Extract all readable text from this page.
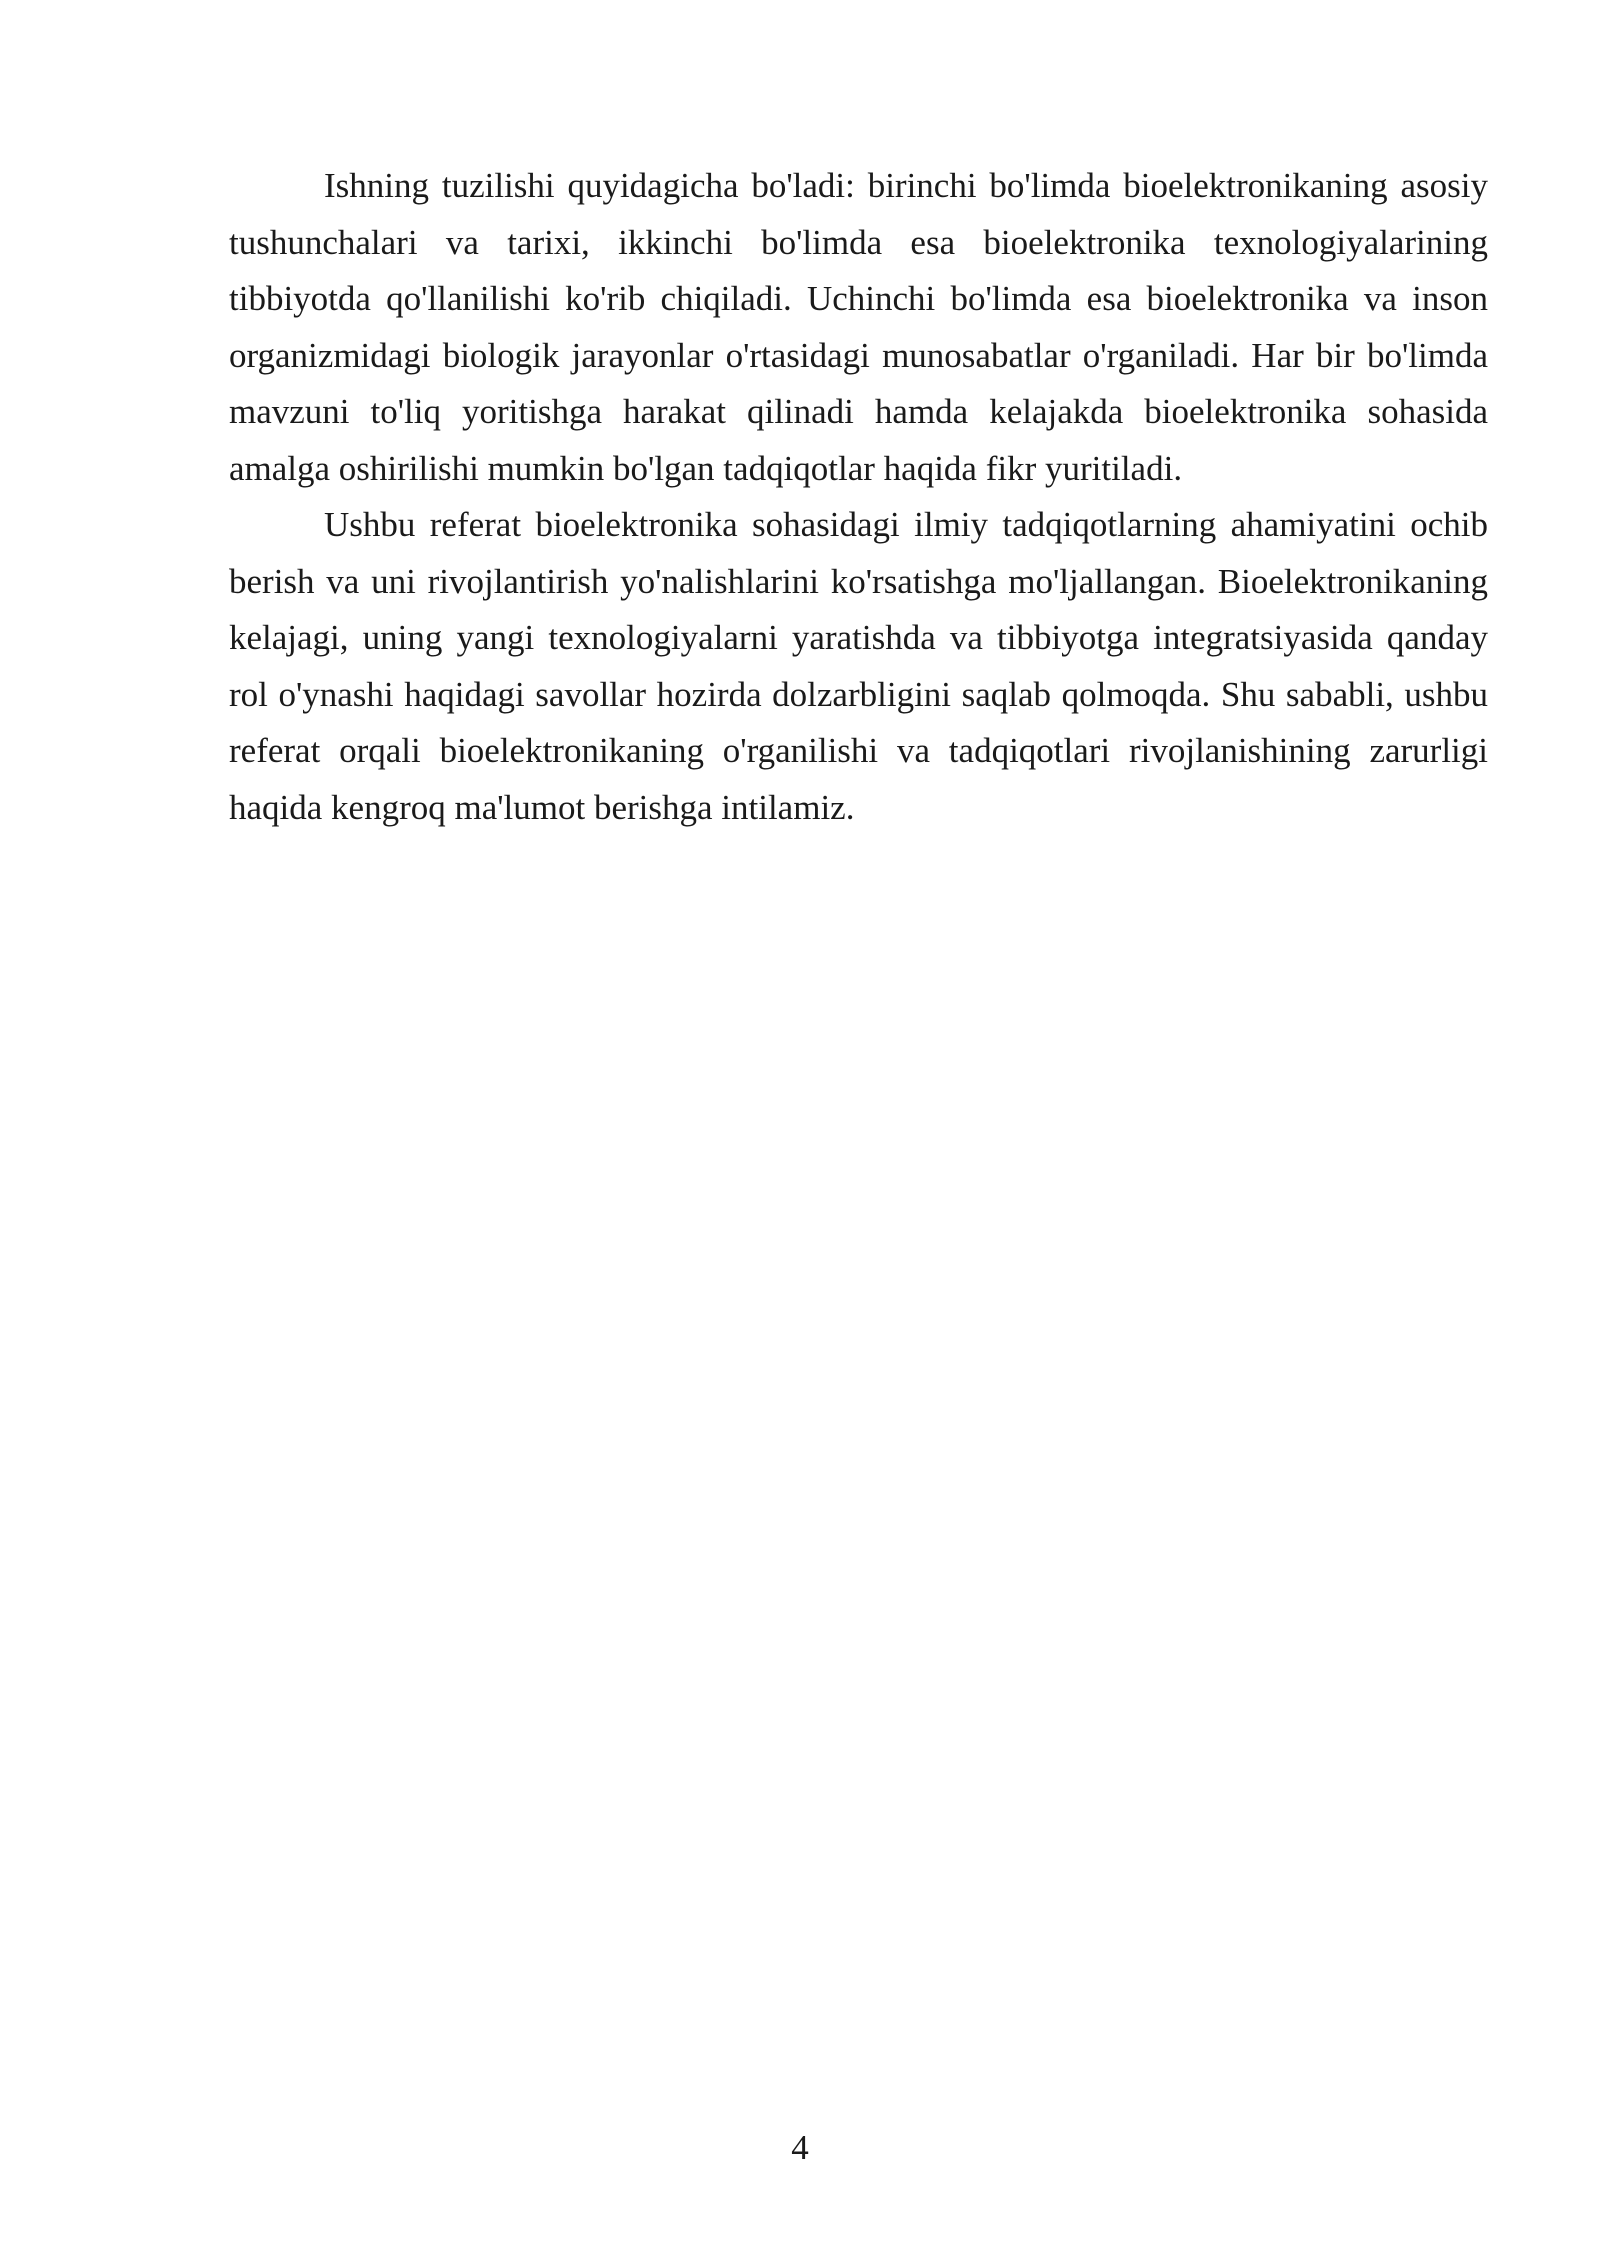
Ishning tuzilishi quyidagicha bo'ladi: birinchi bo'limda bioelektronikaning asosiy tushunchalari va tarixi, ikkinchi bo'limda esa bioelektronika texnologiyalarining tibbiyotda qo'llanilishi ko'rib chiqiladi. Uchinchi bo'limda esa bioelektronika va inson organizmidagi biologik jarayonlar o'rtasidagi munosabatlar o'rganiladi. Har bir bo'limda mavzuni to'liq yoritishga harakat qilinadi hamda kelajakda bioelektronika sohasida amalga oshirilishi mumkin bo'lgan tadqiqotlar haqida fikr yuritiladi.

Ushbu referat bioelektronika sohasidagi ilmiy tadqiqotlarning ahamiyatini ochib berish va uni rivojlantirish yo'nalishlarini ko'rsatishga mo'ljallangan. Bioelektronikaning kelajagi, uning yangi texnologiyalarni yaratishda va tibbiyotga integratsiyasida qanday rol o'ynashi haqidagi savollar hozirda dolzarbligini saqlab qolmoqda. Shu sababli, ushbu referat orqali bioelektronikaning o'rganilishi va tadqiqotlari rivojlanishining zarurligi haqida kengroq ma'lumot berishga intilamiz.

4
